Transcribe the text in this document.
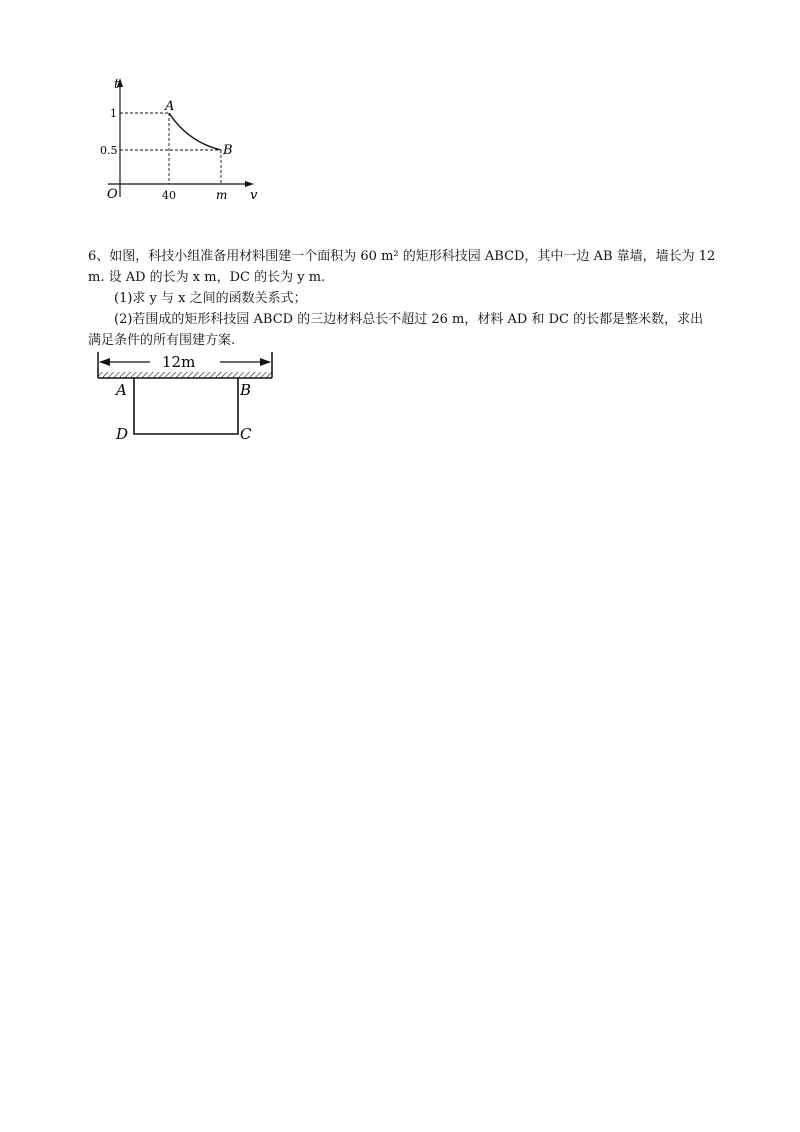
t
v
O
1
0.5
40	m
A
B

6、如图，科技小组准备用材料围建一个面积为 60 m² 的矩形科技园 ABCD，其中一边 AB 靠墙，墙长为 12

m. 设 AD 的长为 x m，DC 的长为 y m.

(1)求 y 与 x 之间的函数关系式；

(2)若围成的矩形科技园 ABCD 的三边材料总长不超过 26 m，材料 AD 和 DC 的长都是整米数，求出

满足条件的所有围建方案.

12m
A	B
D	C
